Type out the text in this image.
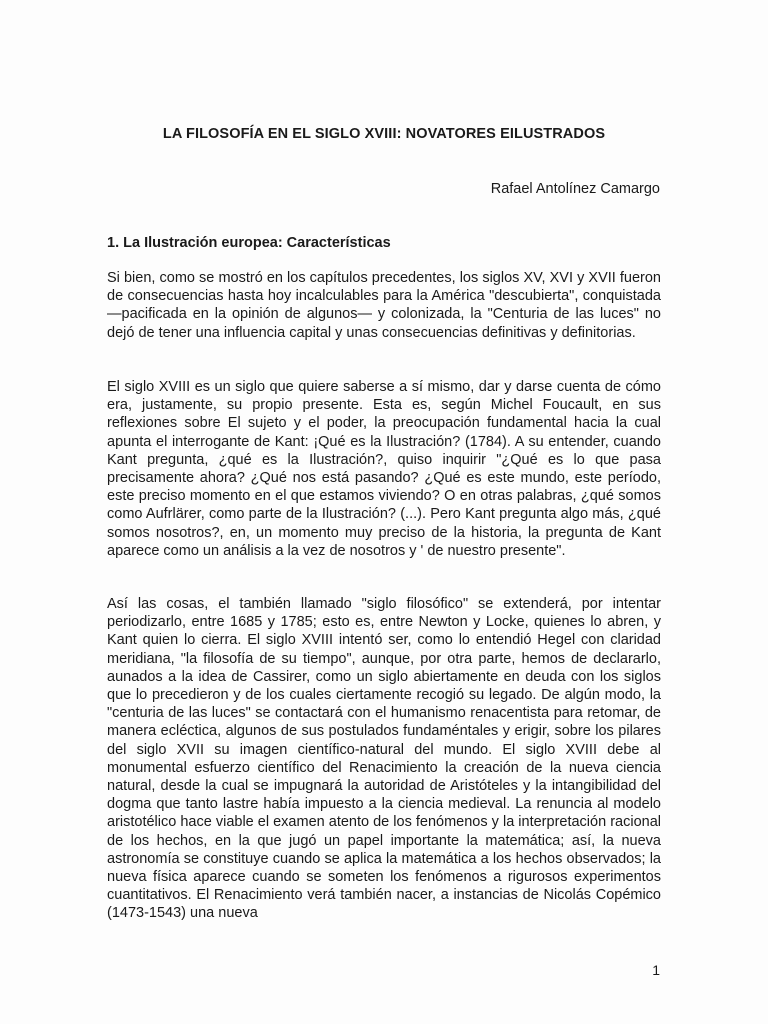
LA FILOSOFÍA EN EL SIGLO XVIII: NOVATORES EILUSTRADOS
Rafael Antolínez Camargo
1. La Ilustración europea: Características

Si bien, como se mostró en los capítulos precedentes, los siglos XV, XVI y XVII fueron de consecuencias hasta hoy incalculables para la América "descubierta", conquistada —pacificada en la opinión de algunos— y colonizada, la "Centuria de las luces" no dejó de tener una influencia capital y unas consecuencias definitivas y definitorias.

El siglo XVIII es un siglo que quiere saberse a sí mismo, dar y darse cuenta de cómo era, justamente, su propio presente. Esta es, según Michel Foucault, en sus reflexiones sobre El sujeto y el poder, la preocupación fundamental hacia la cual apunta el interrogante de Kant: ¡Qué es la Ilustración? (1784). A su entender, cuando Kant pregunta, ¿qué es la Ilustración?, quiso inquirir "¿Qué es lo que pasa precisamente ahora? ¿Qué nos está pasando? ¿Qué es este mundo, este período, este preciso momento en el que estamos viviendo? O en otras palabras, ¿qué somos como Aufrlärer, como parte de la Ilustración? (...). Pero Kant pregunta algo más, ¿qué somos nosotros?, en, un momento muy preciso de la historia, la pregunta de Kant aparece como un análisis a la vez de nosotros y ' de nuestro presente".

Así las cosas, el también llamado "siglo filosófico" se extenderá, por intentar periodizarlo, entre 1685 y 1785; esto es, entre Newton y Locke, quienes lo abren, y Kant quien lo cierra. El siglo XVIII intentó ser, como lo entendió Hegel con claridad meridiana, "la filosofía de su tiempo", aunque, por otra parte, hemos de declararlo, aunados a la idea de Cassirer, como un siglo abiertamente en deuda con los siglos que lo precedieron y de los cuales ciertamente recogió su legado. De algún modo, la "centuria de las luces" se contactará con el humanismo renacentista para retomar, de manera ecléctica, algunos de sus postulados fundaméntales y erigir, sobre los pilares del siglo XVII su imagen científico-natural del mundo. El siglo XVIII debe al monumental esfuerzo científico del Renacimiento la creación de la nueva ciencia natural, desde la cual se impugnará la autoridad de Aristóteles y la intangibilidad del dogma que tanto lastre había impuesto a la ciencia medieval. La renuncia al modelo aristotélico hace viable el examen atento de los fenómenos y la interpretación racional de los hechos, en la que jugó un papel importante la matemática; así, la nueva astronomía se constituye cuando se aplica la matemática a los hechos observados; la nueva física aparece cuando se someten los fenómenos a rigurosos experimentos cuantitativos. El Renacimiento verá también nacer, a instancias de Nicolás Copémico (1473-1543) una nueva

1
